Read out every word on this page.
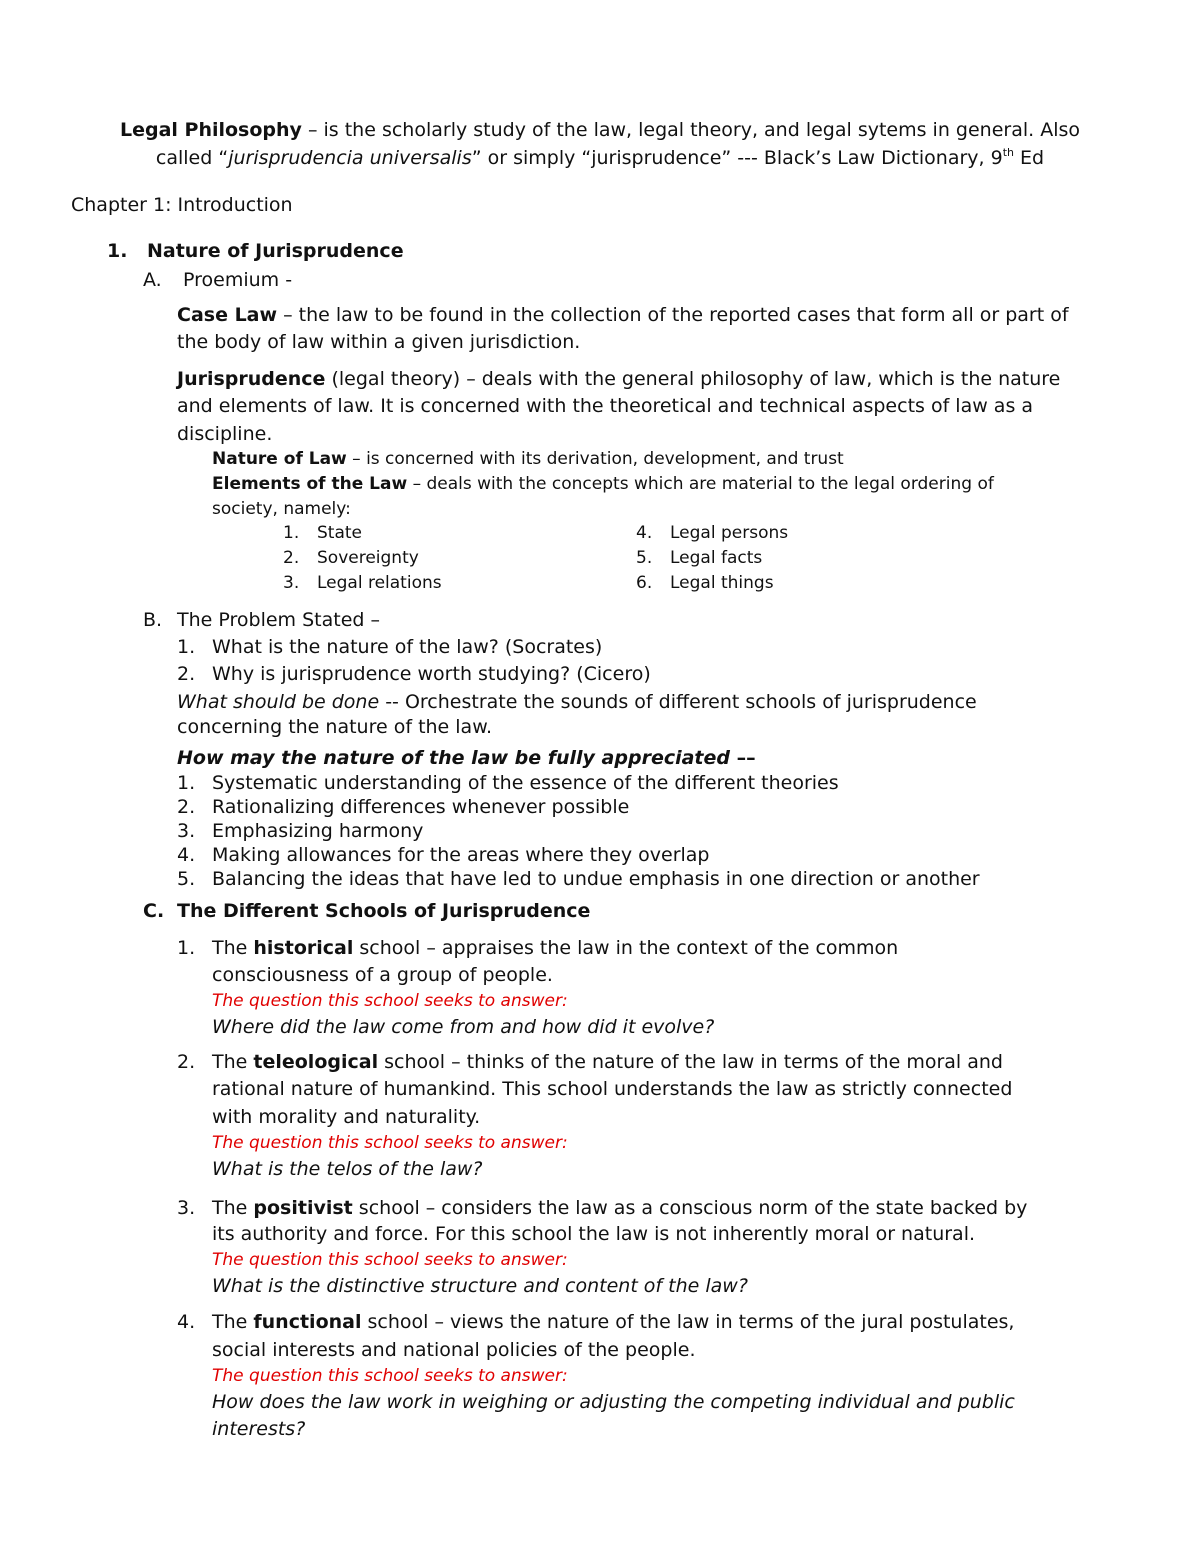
Legal Philosophy – is the scholarly study of the law, legal theory, and legal sytems in general. Also
called “jurisprudencia universalis” or simply “jurisprudence” --- Black’s Law Dictionary, 9th Ed
Chapter 1: Introduction
1. Nature of Jurisprudence
A. Proemium -
Case Law – the law to be found in the collection of the reported cases that form all or part of
the body of law within a given jurisdiction.
Jurisprudence (legal theory) – deals with the general philosophy of law, which is the nature
and elements of law. It is concerned with the theoretical and technical aspects of law as a
discipline.
Nature of Law – is concerned with its derivation, development, and trust
Elements of the Law – deals with the concepts which are material to the legal ordering of
society, namely:
1. State
2. Sovereignty
3. Legal relations
4. Legal persons
5. Legal facts
6. Legal things
B. The Problem Stated –
1. What is the nature of the law? (Socrates)
2. Why is jurisprudence worth studying? (Cicero)
What should be done -- Orchestrate the sounds of different schools of jurisprudence
concerning the nature of the law.
How may the nature of the law be fully appreciated ––
1. Systematic understanding of the essence of the different theories
2. Rationalizing differences whenever possible
3. Emphasizing harmony
4. Making allowances for the areas where they overlap
5. Balancing the ideas that have led to undue emphasis in one direction or another
C. The Different Schools of Jurisprudence
1. The historical school – appraises the law in the context of the common
consciousness of a group of people.
The question this school seeks to answer:
Where did the law come from and how did it evolve?
2. The teleological school – thinks of the nature of the law in terms of the moral and
rational nature of humankind. This school understands the law as strictly connected
with morality and naturality.
The question this school seeks to answer:
What is the telos of the law?
3. The positivist school – considers the law as a conscious norm of the state backed by
its authority and force. For this school the law is not inherently moral or natural.
The question this school seeks to answer:
What is the distinctive structure and content of the law?
4. The functional school – views the nature of the law in terms of the jural postulates,
social interests and national policies of the people.
The question this school seeks to answer:
How does the law work in weighing or adjusting the competing individual and public
interests?
